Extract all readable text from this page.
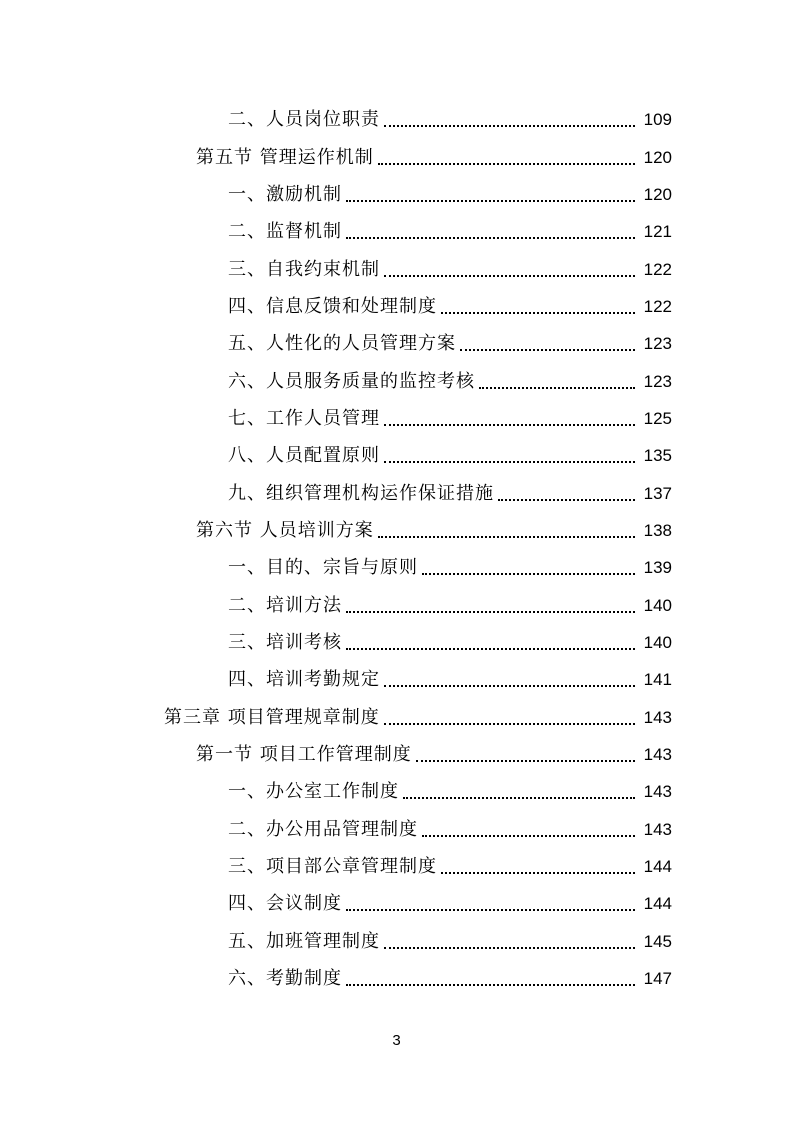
二、人员岗位职责	109
第五节 管理运作机制	120
一、激励机制	120
二、监督机制	121
三、自我约束机制	122
四、信息反馈和处理制度	122
五、人性化的人员管理方案	123
六、人员服务质量的监控考核	123
七、工作人员管理	125
八、人员配置原则	135
九、组织管理机构运作保证措施	137
第六节 人员培训方案	138
一、目的、宗旨与原则	139
二、培训方法	140
三、培训考核	140
四、培训考勤规定	141
第三章 项目管理规章制度	143
第一节 项目工作管理制度	143
一、办公室工作制度	143
二、办公用品管理制度	143
三、项目部公章管理制度	144
四、会议制度	144
五、加班管理制度	145
六、考勤制度	147
3
